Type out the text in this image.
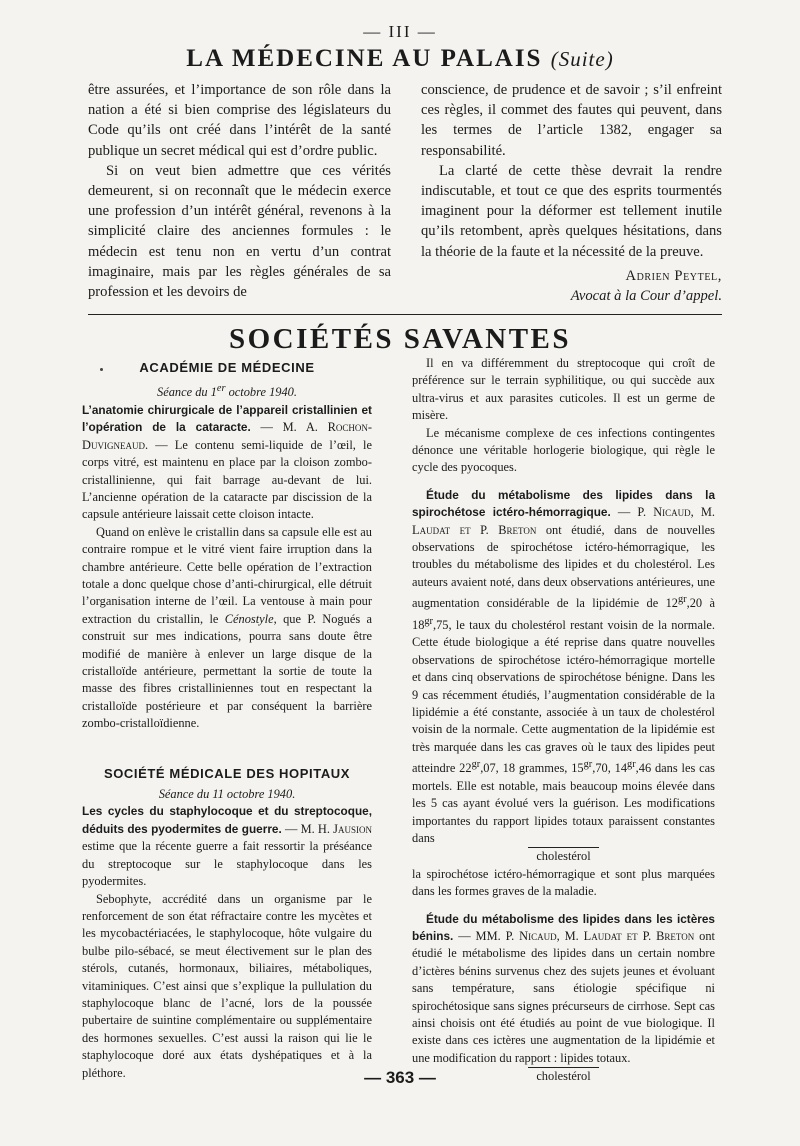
— III —
LA MÉDECINE AU PALAIS (Suite)

être assurées, et l’importance de son rôle dans la nation a été si bien comprise des législateurs du Code qu’ils ont créé dans l’intérêt de la santé publique un secret médical qui est d’ordre public.

Si on veut bien admettre que ces vérités demeurent, si on reconnaît que le médecin exerce une profession d’un intérêt général, revenons à la simplicité claire des anciennes formules : le médecin est tenu non en vertu d’un contrat imaginaire, mais par les règles générales de sa profession et les devoirs de

conscience, de prudence et de savoir ; s’il enfreint ces règles, il commet des fautes qui peuvent, dans les termes de l’article 1382, engager sa responsabilité.

La clarté de cette thèse devrait la rendre indiscutable, et tout ce que des esprits tourmentés imaginent pour la déformer est tellement inutile qu’ils retombent, après quelques hésitations, dans la théorie de la faute et la nécessité de la preuve.

Adrien Peytel,

Avocat à la Cour d’appel.

SOCIÉTÉS SAVANTES
ACADÉMIE DE MÉDECINE

Séance du 1er octobre 1940.

L’anatomie chirurgicale de l’appareil cristallinien et l’opération de la cataracte. — M. A. Rochon-Duvigneaud. — Le contenu semi-liquide de l’œil, le corps vitré, est maintenu en place par la cloison zombo-cristallinienne, qui fait barrage au-devant de lui. L’ancienne opération de la cataracte par discission de la capsule antérieure laissait cette cloison intacte.

Quand on enlève le cristallin dans sa capsule elle est au contraire rompue et le vitré vient faire irruption dans la chambre antérieure. Cette belle opération de l’extraction totale a donc quelque chose d’anti-chirurgical, elle détruit l’organisation interne de l’œil. La ventouse à main pour extraction du cristallin, le Cénostyle, que P. Nogués a construit sur mes indications, pourra sans doute être modifié de manière à enlever un large disque de la cristalloïde antérieure, permettant la sortie de toute la masse des fibres cristalliniennes tout en respectant la cristalloïde postérieure et par conséquent la barrière zombo-cristalloïdienne.

SOCIÉTÉ MÉDICALE DES HOPITAUX

Séance du 11 octobre 1940.

Les cycles du staphylocoque et du streptocoque, déduits des pyodermites de guerre. — M. H. Jausion estime que la récente guerre a fait ressortir la préséance du streptocoque sur le staphylocoque dans les pyodermites.

Sebophyte, accrédité dans un organisme par le renforcement de son état réfractaire contre les mycètes et les mycobactériacées, le staphylocoque, hôte vulgaire du bulbe pilo-sébacé, se meut électivement sur le plan des stérols, cutanés, hormonaux, biliaires, métaboliques, vitaminiques. C’est ainsi que s’explique la pullulation du staphylocoque blanc de l’acné, lors de la poussée pubertaire de suintine complémentaire ou supplémentaire des hormones sexuelles. C’est aussi la raison qui lie le staphylocoque doré aux états dyshépatiques et à la pléthore.

Il en va différemment du streptocoque qui croît de préférence sur le terrain syphilitique, ou qui succède aux ultra-virus et aux parasites cuticoles. Il est un germe de misère.

Le mécanisme complexe de ces infections contingentes dénonce une véritable horlogerie biologique, qui règle le cycle des pyocoques.

Étude du métabolisme des lipides dans la spirochétose ictéro-hémorragique. — P. Nicaud, M. Laudat et P. Breton ont étudié, dans de nouvelles observations de spirochétose ictéro-hémorragique, les troubles du métabolisme des lipides et du cholestérol. Les auteurs avaient noté, dans deux observations antérieures, une augmentation considérable de la lipidémie de $12^{gr},20$ à $18^{gr},75$, le taux du cholestérol restant voisin de la normale. Cette étude biologique a été reprise dans quatre nouvelles observations de spirochétose ictéro-hémorragique mortelle et dans cinq observations de spirochétose bénigne. Dans les 9 cas récemment étudiés, l’augmentation considérable de la lipidémie a été constante, associée à un taux de cholestérol voisin de la normale. Cette augmentation de la lipidémie est très marquée dans les cas graves où le taux des lipides peut atteindre $22^{gr},07$, 18 grammes, $15^{gr},70$, $14^{gr},46$ dans les cas mortels. Elle est notable, mais beaucoup moins élevée dans les 5 cas ayant évolué vers la guérison. Les modifications importantes du rapport lipides totaux paraissent constantes dans

cholestérol

la spirochétose ictéro-hémorragique et sont plus marquées dans les formes graves de la maladie.

Étude du métabolisme des lipides dans les ictères bénins. — MM. P. Nicaud, M. Laudat et P. Breton ont étudié le métabolisme des lipides dans un certain nombre d’ictères bénins survenus chez des sujets jeunes et évoluant sans température, sans étiologie spécifique ni spirochétosique sans signes précurseurs de cirrhose. Sept cas ainsi choisis ont été étudiés au point de vue biologique. Il existe dans ces ictères une augmentation de la lipidémie et une modification du rapport : lipides totaux.

cholestérol

— 363 —
